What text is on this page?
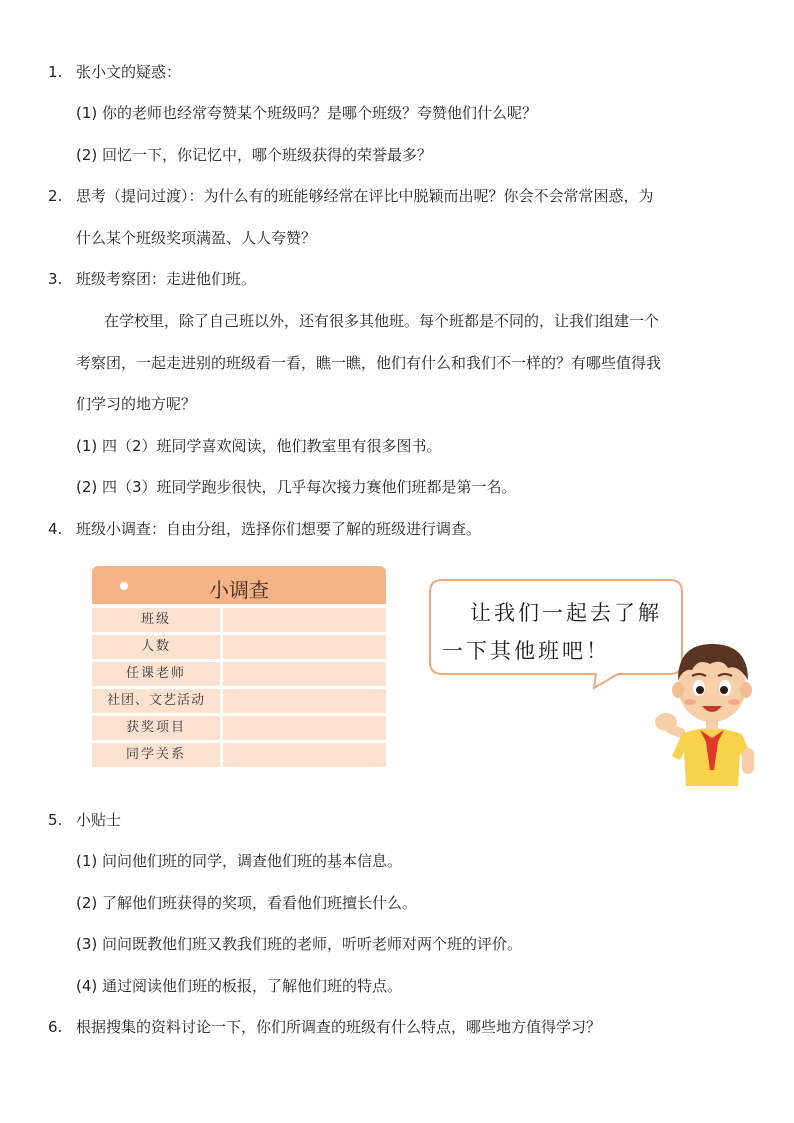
1. 张小文的疑惑：
(1) 你的老师也经常夸赞某个班级吗？是哪个班级？夸赞他们什么呢？
(2) 回忆一下，你记忆中，哪个班级获得的荣誉最多？
2. 思考（提问过渡）：为什么有的班能够经常在评比中脱颖而出呢？你会不会常常困惑，为
什么某个班级奖项满盈、人人夸赞？
3. 班级考察团：走进他们班。
在学校里，除了自己班以外，还有很多其他班。每个班都是不同的，让我们组建一个
考察团，一起走进别的班级看一看，瞧一瞧，他们有什么和我们不一样的？有哪些值得我
们学习的地方呢？
(1) 四（2）班同学喜欢阅读，他们教室里有很多图书。
(2) 四（3）班同学跑步很快，几乎每次接力赛他们班都是第一名。
4. 班级小调查：自由分组，选择你们想要了解的班级进行调查。
小调查
班级
人数
任课老师
社团、文艺活动
获奖项目
同学关系
让我们一起去了解一下其他班吧！
5. 小贴士
(1) 问问他们班的同学，调查他们班的基本信息。
(2) 了解他们班获得的奖项，看看他们班擅长什么。
(3) 问问既教他们班又教我们班的老师，听听老师对两个班的评价。
(4) 通过阅读他们班的板报，了解他们班的特点。
6. 根据搜集的资料讨论一下，你们所调查的班级有什么特点，哪些地方值得学习？
